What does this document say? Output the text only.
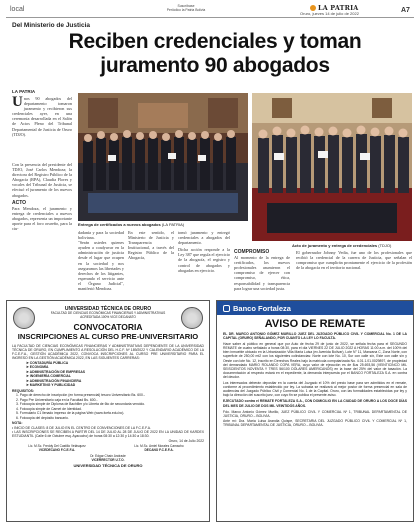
local	Suscríbase
Periódico la Patria Bolivia	LA PATRIA
Oruro, jueves 14 de julio de 2022	A7
Del Ministerio de Justicia
Reciben credenciales y toman
juramento 90 abogados
LA PATRIA
Unos 90 abogados del departamento tomaron juramento y recibieron sus credenciales ayer, en una ceremonia desarrollada en el Salón de Actos Pleno del Tribunal Departamental de Justicia de Oruro (TDJO).

Con la presencia del presidente del TDJO, José Carlos Mendoza; la directora del Registro Público de la Abogacía (RPA), Claudia Flores y vocales del Tribunal de Justicia, se efectuó el juramento de los nuevos abogados.

ACTO

Para Mendoza, el juramento y entrega de credenciales a nuevos abogados, representa un importante aporte para el foro orureño, para la ciu-

Entrega de certificados a nuevos abogados (LA PATRIA)
Acto de juramento y entrega de credenciales (TDJO)

dadanía y para la sociedad boliviana.

"Serán ustedes quienes ayuden a coadyuvar en la administración de justicia desde el lugar que ocupen en la sociedad y nos aseguramos las libertades y derechos de los litigantes, esperando el servicio ante el Órgano Judicial", manifestó Mendoza.

En este sentido, el Ministerio de Justicia y Transparencia Institucional, a través del Registro Público de la Abogacía,

tomó juramento y entregó credenciales a abogados del departamento.

Dicha acción responde a la Ley 387 que regula el ejercicio de la abogacía, el registro y control de abogados y abogadas en ejercicio.

COMPROMISO

Al momento de la entrega de certificados, los nuevos profesionales asumieron el compromiso de ejercer con compromiso, ética, responsabilidad y transparencia para lograr una sociedad justa.

El gobernador Johnny Vedia, fue uno de los profesionales que recibió la credencial de la carrera de Justicia, que señalan el compromiso que cumplirán prontamente el ejercicio de la profesión de la abogacía en el territorio nacional.

UNIVERSIDAD TÉCNICA DE ORURO
FACULTAD DE CIENCIAS ECONÓMICAS FINANCIERAS Y ADMINISTRATIVAS
ACREDITADA 100% VICE DECANATO
CONVOCATORIA
INSCRIPCIONES AL CURSO PRE-UNIVERSITARIO
LA FACULTAD DE CIENCIAS ECONÓMICAS FINANCIERAS Y ADMINISTRATIVAS DEPENDIENTE DE LA UNIVERSIDAD TÉCNICA DE ORURO, EN CUMPLIMIENTO A RESOLUCIÓN DEL H.C.F. Nº 189/2022 Y CALENDARIO ACADÉMICO DE LA F.C.E.F.A., GESTIÓN ACADÉMICA 2022, CONVOCA INSCRIPCIONES AL CURSO PRE UNIVERSITARIO PARA EL INGRESO EN LA GESTIÓN ACADÉMICA 2022, EN LAS SIGUIENTES CARRERAS:
➤ CONTADURÍA PÚBLICA
➤ ECONOMÍA
➤ ADMINISTRACIÓN DE EMPRESAS
➤ INGENIERÍA COMERCIAL
➤ ADMINISTRACIÓN FINANCIERA
➤ MARKETING Y PUBLICIDAD
REQUISITOS:
1. Pago de derecho de inscripción (en forma presencial) tesoro Universitario Bs. 600.-
2. Pago Pre Universitario caja en la Facultad Bs. 600.-
3. Fotocopia simple de Diploma de Bachiller y/o Libreta de 6to de secundaria vencido.
4. Fotocopia simple de Carnet de Identidad.
5. Formulario C1 llenado impreso de la página Web (www.fcefa.edu.bo).
6. Fotocopia del depósito bancario.
NOTA:
• INICIO DE CLASES: 8 DE JULIO EN EL CENTRO DE CONVENCIONES DE LA F.C.E.F.A.
• LAS INSCRIPCIONES SE RECIBEN A PARTIR DEL 14 DE JULIO AL 28 DE JULIO DE 2022 EN LA UNIDAD DE KARDEX ESTUDIANTIL (Calle 6 de Octubre esq. Ayacucho) de horas 08:30 a 12:30 y 14:30 a 18:30.
Oruro, 14 de Julio 2022
Lic. M.Sc. Freddy Del Castillo Velásquez
VICEDECANO F.C.E.F.A.
Lic. M.Sc. Amiel Morales Camacho
DECANO F.C.E.F.A.
Dr. Edgar Chaín Andrade
VICERRECTOR U.T.O.
UNIVERSIDAD TÉCNICA DE ORURO
Banco Fortaleza
AVISO DE REMATE
EL DR. MARCO ANTONIO GÓMEZ MURILLO JUEZ DEL JUZGADO PÚBLICO CIVIL Y COMERCIAL No. 1 DE LA CAPITAL (ORURO) SEÑALANDO, POR CUANTO LA LEY LO FACULTA.
Hace saber al público en general que por Auto de fecha 29 de junio de 2022, se señala fecha para el SEGUNDO REMATE de cuatro señalado a horas 08:30, para el día VIERNES 22 DE JULIO 2022 A HORAS 11:00 a.m. del 100% del bien inmueble ubicado en la Urbanización Villa Maria Luisa (ex Avenida Bolívar), Lote N° 11, Manzana C, Zona Norte, con superficie de 250,00 mt2 con los siguientes colindancias: Norte con lote No. 10, Sur con calle s/n, Este con calle s/n y Oeste con lote No. 12, inscrito en Derechos Reales bajo la matrícula computarizada No. 4.01.1.01.0029897, de propiedad del demandado MARIO ROLANDO COPA VERA, cuyo valor de ejecución es de $us 25.693,56 (VEINTICINCO MIL SEISCIENTOS NOVENTA Y TRES 56/100 DÓLARES AMERICANOS) en la base del 25% del valor de tasación. La documentación al respecto estará en el expediente, la demanda interpuesta por el BANCO FORTALEZA S.A. en contra del deudor.
Los interesados deberán depositar en la cuenta del Juzgado el 10% del precio base para ser admitidos en el remate, conforme al procedimiento establecido por ley. La subasta se realizará al mejor postor de forma presencial en sala de audiencias del Juzgado Público Civil y Comercial No. 1 de la Capital. Oruro, con las formalidades establecidas por ley y bajo la dirección del suscrito juez, con cuyo fin se publica el presente aviso.
EJECUTADO contra el REMATE FORTALEZA S.A., CON DOMICILIO EN LA CIUDAD DE ORURO A LOS DOCE DÍAS DEL MES DE JULIO DE DOS MIL VEINTIDÓS AÑOS.
Fdo. Marco Antonio Gómez Murillo, JUEZ PÚBLICO CIVIL Y COMERCIAL Nº 1, TRIBUNAL DEPARTAMENTAL DE JUSTICIA, ORURO – BOLIVIA.
Ante mí: Dra. María Luisa Arandia Quispe, SECRETARIA DEL JUZGADO PÚBLICO CIVIL Y COMERCIAL Nº 1, TRIBUNAL DEPARTAMENTAL DE JUSTICIA, ORURO – BOLIVIA.
